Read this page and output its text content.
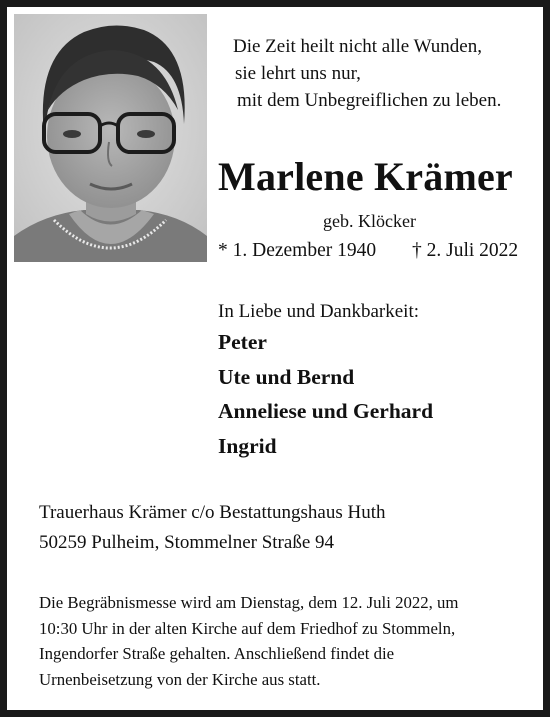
Die Zeit heilt nicht alle Wunden,
sie lehrt uns nur,
mit dem Unbegreiflichen zu leben.
Marlene Krämer
geb. Klöcker
* 1. Dezember 1940 † 2. Juli 2022
In Liebe und Dankbarkeit:
Peter
Ute und Bernd
Anneliese und Gerhard
Ingrid
Trauerhaus Krämer c/o Bestattungshaus Huth
50259 Pulheim, Stommelner Straße 94
Die Begräbnismesse wird am Dienstag, dem 12. Juli 2022, um
10:30 Uhr in der alten Kirche auf dem Friedhof zu Stommeln,
Ingendorfer Straße gehalten. Anschließend findet die
Urnenbeisetzung von der Kirche aus statt.
